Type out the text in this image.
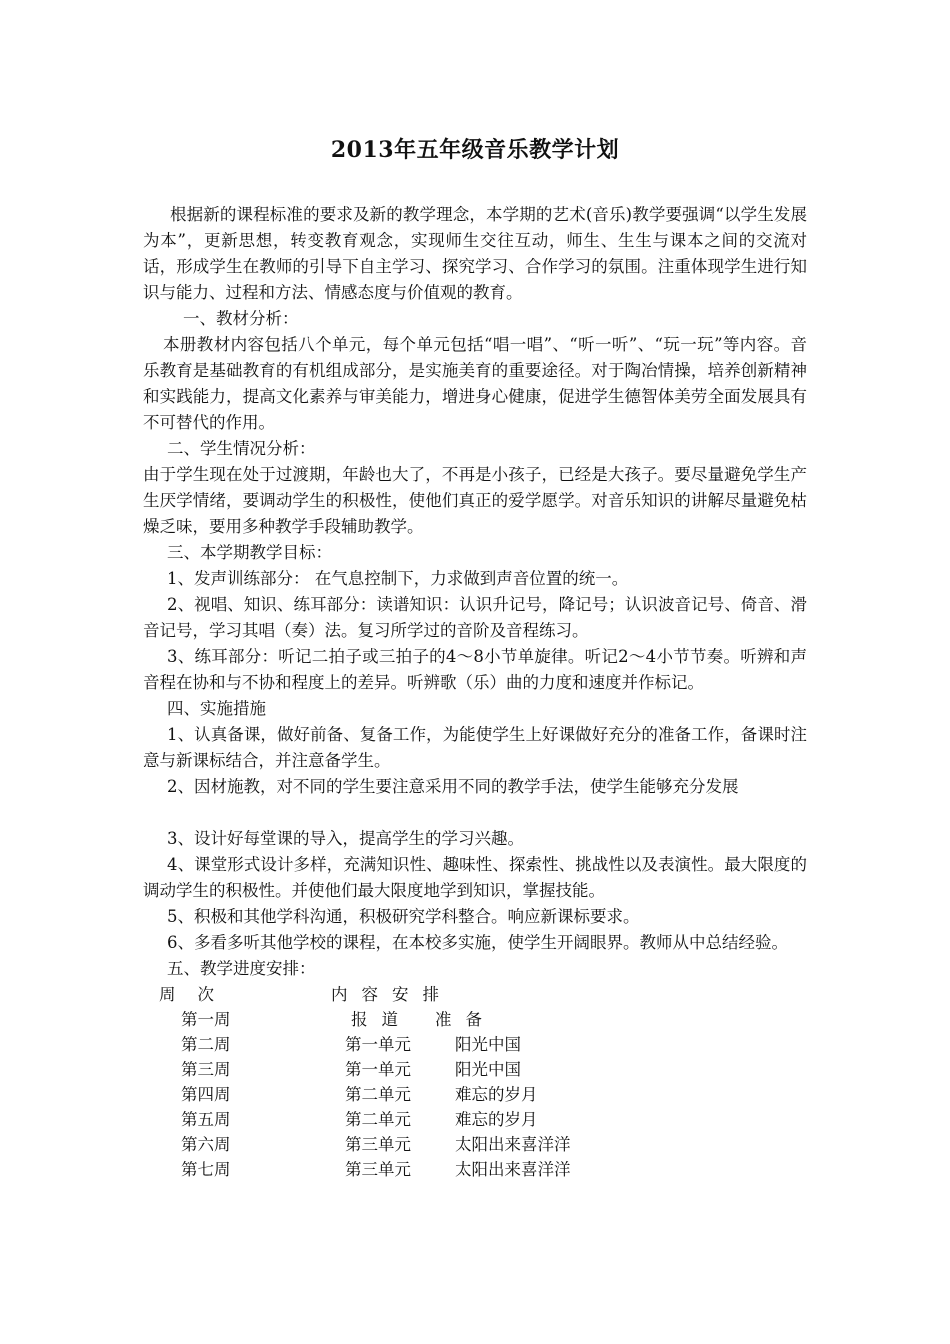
2013年五年级音乐教学计划

根据新的课程标准的要求及新的教学理念，本学期的艺术(音乐)教学要强调“以学生发展为本”，更新思想，转变教育观念，实现师生交往互动，师生、生生与课本之间的交流对话，形成学生在教师的引导下自主学习、探究学习、合作学习的氛围。注重体现学生进行知识与能力、过程和方法、情感态度与价值观的教育。

一、教材分析：

本册教材内容包括八个单元，每个单元包括“唱一唱”、“听一听”、“玩一玩”等内容。音乐教育是基础教育的有机组成部分，是实施美育的重要途径。对于陶冶情操，培养创新精神和实践能力，提高文化素养与审美能力，增进身心健康，促进学生德智体美劳全面发展具有不可替代的作用。

二、学生情况分析：

由于学生现在处于过渡期，年龄也大了，不再是小孩子，已经是大孩子。要尽量避免学生产生厌学情绪，要调动学生的积极性，使他们真正的爱学愿学。对音乐知识的讲解尽量避免枯燥乏味，要用多种教学手段辅助教学。

三、本学期教学目标：

1、发声训练部分： 在气息控制下，力求做到声音位置的统一。

2、视唱、知识、练耳部分：读谱知识：认识升记号，降记号；认识波音记号、倚音、滑音记号，学习其唱（奏）法。复习所学过的音阶及音程练习。

3、练耳部分：听记二拍子或三拍子的4～8小节单旋律。听记2～4小节节奏。听辨和声音程在协和与不协和程度上的差异。听辨歌（乐）曲的力度和速度并作标记。

四、实施措施

1、认真备课，做好前备、复备工作，为能使学生上好课做好充分的准备工作，备课时注意与新课标结合，并注意备学生。

2、因材施教，对不同的学生要注意采用不同的教学手法，使学生能够充分发展

3、设计好每堂课的导入，提高学生的学习兴趣。

4、课堂形式设计多样，充满知识性、趣味性、探索性、挑战性以及表演性。最大限度的调动学生的积极性。并使他们最大限度地学到知识，掌握技能。

5、积极和其他学科沟通，积极研究学科整合。响应新课标要求。

6、多看多听其他学校的课程，在本校多实施，使学生开阔眼界。教师从中总结经验。

五、教学进度安排：

周次	内容安排
第一周	报道 准备
第二周	第一单元	阳光中国
第三周	第一单元	阳光中国
第四周	第二单元	难忘的岁月
第五周	第二单元	难忘的岁月
第六周	第三单元	太阳出来喜洋洋
第七周	第三单元	太阳出来喜洋洋
